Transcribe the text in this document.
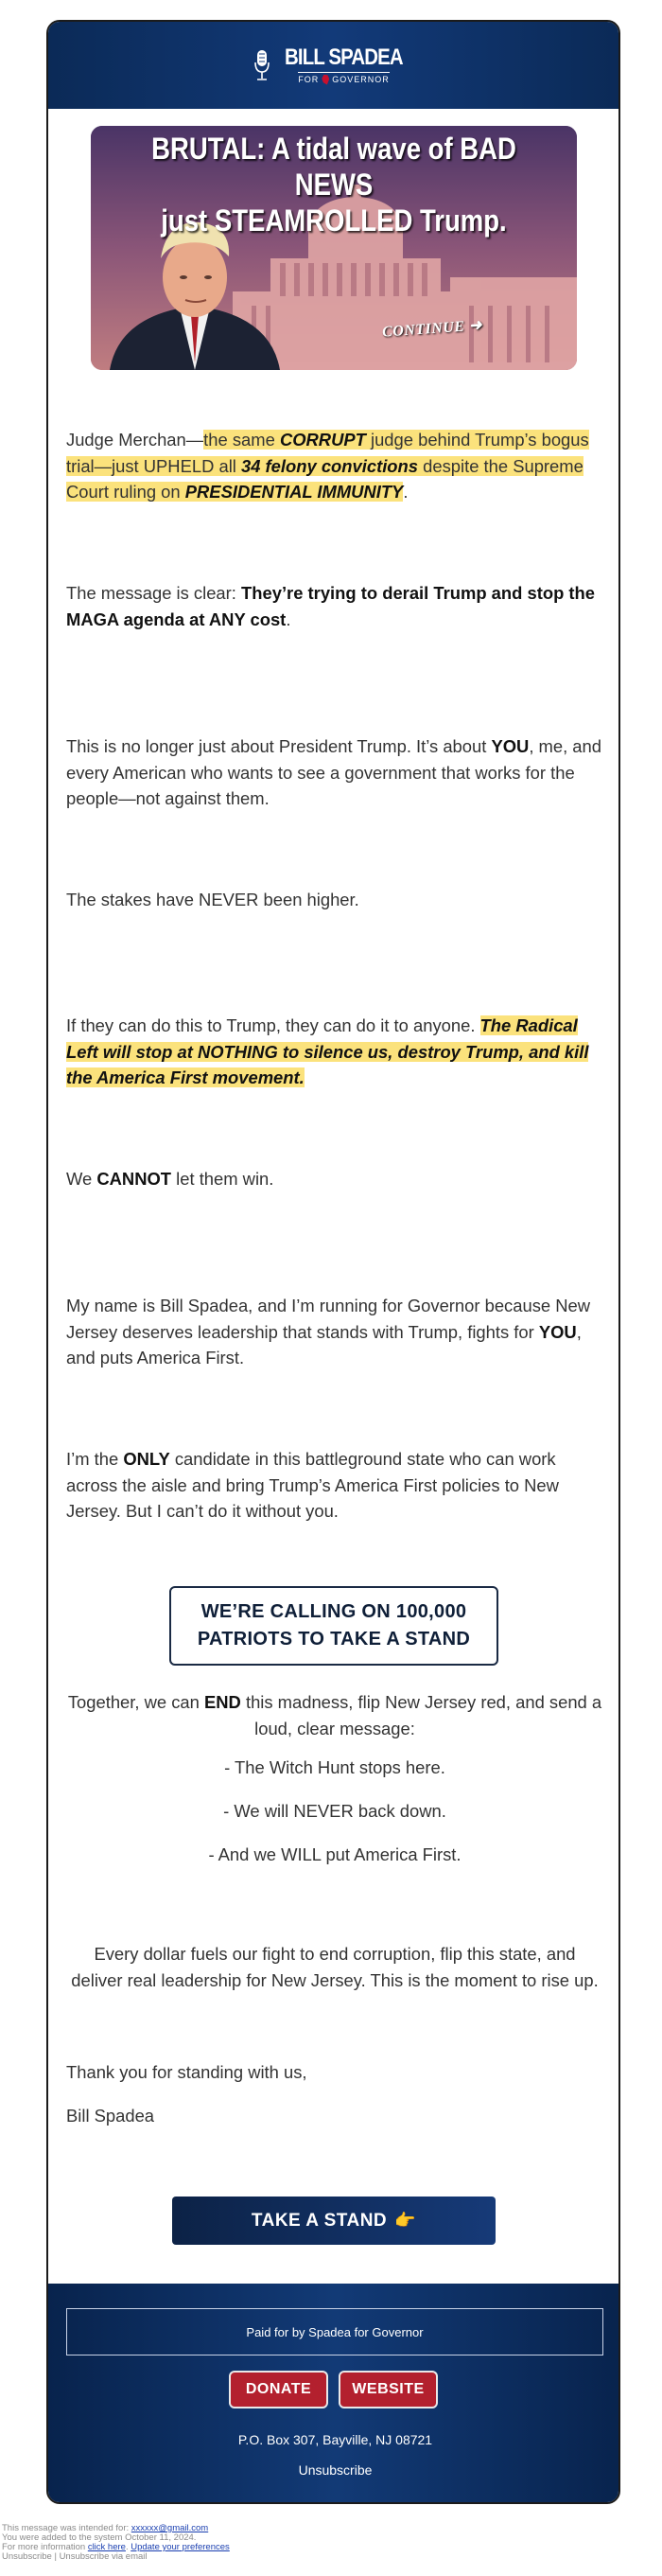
BILL SPADEA
FOR GOVERNOR
BRUTAL: A tidal wave of BAD NEWS
just STEAMROLLED Trump.
CONTINUE ➜
Judge Merchan—the same CORRUPT judge behind Trump’s bogus trial—just UPHELD all 34 felony convictions despite the Supreme Court ruling on PRESIDENTIAL IMMUNITY.
The message is clear: They’re trying to derail Trump and stop the MAGA agenda at ANY cost.
This is no longer just about President Trump. It’s about YOU, me, and every American who wants to see a government that works for the people—not against them.
The stakes have NEVER been higher.
If they can do this to Trump, they can do it to anyone. The Radical Left will stop at NOTHING to silence us, destroy Trump, and kill the America First movement.
We CANNOT let them win.
My name is Bill Spadea, and I’m running for Governor because New Jersey deserves leadership that stands with Trump, fights for YOU, and puts America First.
I’m the ONLY candidate in this battleground state who can work across the aisle and bring Trump’s America First policies to New Jersey. But I can’t do it without you.
WE’RE CALLING ON 100,000
PATRIOTS TO TAKE A STAND
Together, we can END this madness, flip New Jersey red, and send a loud, clear message:
- The Witch Hunt stops here.
- We will NEVER back down.
- And we WILL put America First.
Every dollar fuels our fight to end corruption, flip this state, and deliver real leadership for New Jersey. This is the moment to rise up.
Thank you for standing with us,
Bill Spadea
TAKE A STAND 👉
Paid for by Spadea for Governor
DONATE	WEBSITE
P.O. Box 307, Bayville, NJ 08721
Unsubscribe
This message was intended for: xxxxxx@gmail.com
You were added to the system October 11, 2024.
For more information click here. Update your preferences
Unsubscribe | Unsubscribe via email
